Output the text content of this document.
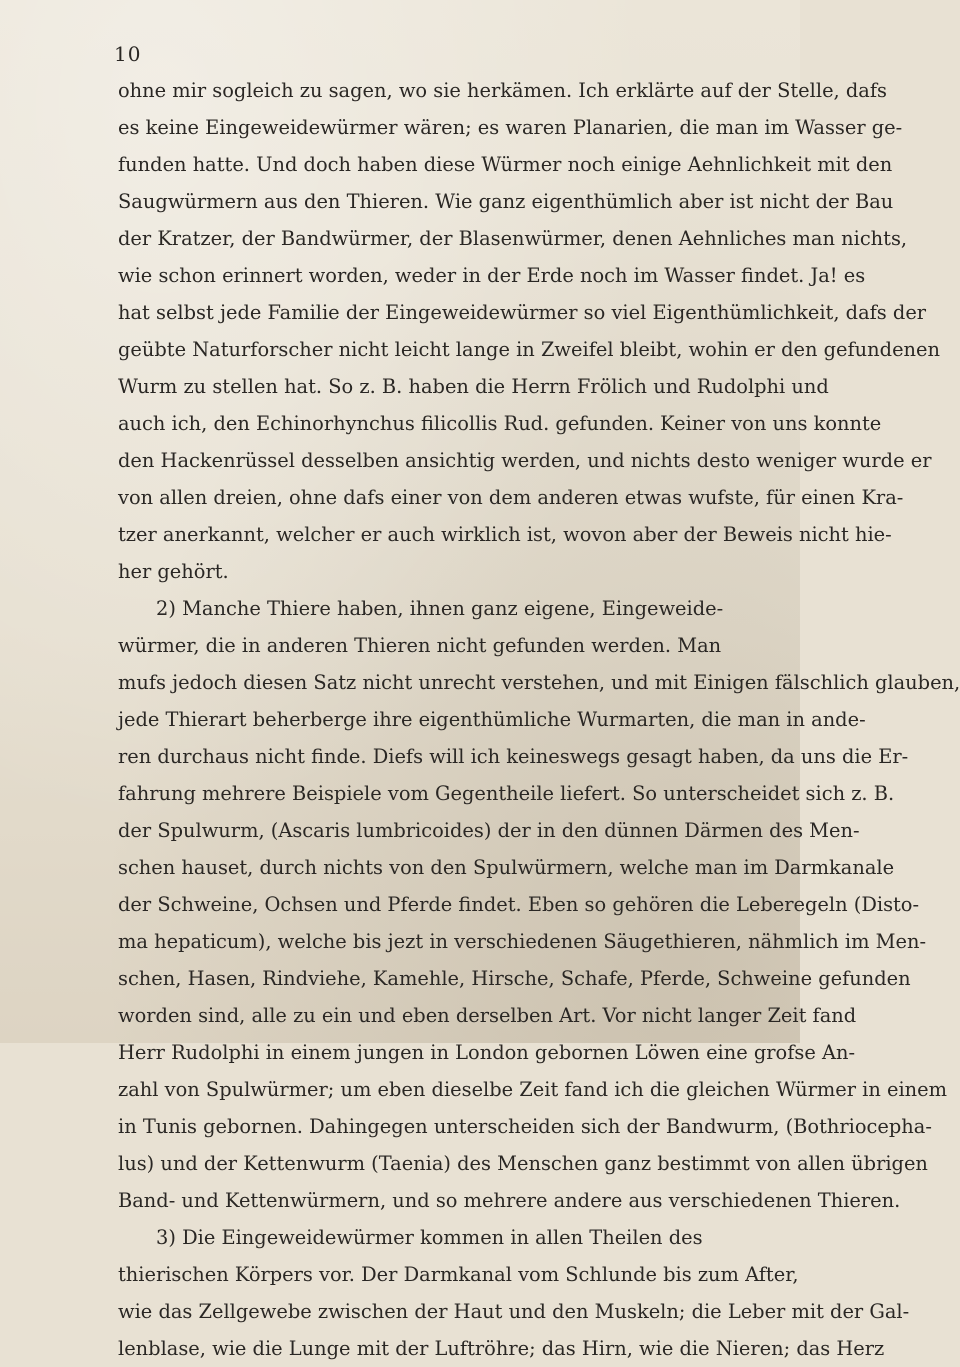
10
ohne mir sogleich zu sagen, wo sie herkämen. Ich erklärte auf der Stelle, dafs
es keine Eingeweidewürmer wären; es waren Planarien, die man im Wasser ge-
funden hatte. Und doch haben diese Würmer noch einige Aehnlichkeit mit den
Saugwürmern aus den Thieren. Wie ganz eigenthümlich aber ist nicht der Bau
der Kratzer, der Bandwürmer, der Blasenwürmer, denen Aehnliches man nichts,
wie schon erinnert worden, weder in der Erde noch im Wasser findet. Ja! es
hat selbst jede Familie der Eingeweidewürmer so viel Eigenthümlichkeit, dafs der
geübte Naturforscher nicht leicht lange in Zweifel bleibt, wohin er den gefundenen
Wurm zu stellen hat. So z. B. haben die Herrn Frölich und Rudolphi und
auch ich, den Echinorhynchus filicollis Rud. gefunden. Keiner von uns konnte
den Hackenrüssel desselben ansichtig werden, und nichts desto weniger wurde er
von allen dreien, ohne dafs einer von dem anderen etwas wufste, für einen Kra-
tzer anerkannt, welcher er auch wirklich ist, wovon aber der Beweis nicht hie-
her gehört.
2) Manche Thiere haben, ihnen ganz eigene, Eingeweide-
würmer, die in anderen Thieren nicht gefunden werden. Man
mufs jedoch diesen Satz nicht unrecht verstehen, und mit Einigen fälschlich glauben,
jede Thierart beherberge ihre eigenthümliche Wurmarten, die man in ande-
ren durchaus nicht finde. Diefs will ich keineswegs gesagt haben, da uns die Er-
fahrung mehrere Beispiele vom Gegentheile liefert. So unterscheidet sich z. B.
der Spulwurm, (Ascaris lumbricoides) der in den dünnen Därmen des Men-
schen hauset, durch nichts von den Spulwürmern, welche man im Darmkanale
der Schweine, Ochsen und Pferde findet. Eben so gehören die Leberegeln (Disto-
ma hepaticum), welche bis jezt in verschiedenen Säugethieren, nähmlich im Men-
schen, Hasen, Rindviehe, Kamehle, Hirsche, Schafe, Pferde, Schweine gefunden
worden sind, alle zu ein und eben derselben Art. Vor nicht langer Zeit fand
Herr Rudolphi in einem jungen in London gebornen Löwen eine grofse An-
zahl von Spulwürmer; um eben dieselbe Zeit fand ich die gleichen Würmer in einem
in Tunis gebornen. Dahingegen unterscheiden sich der Bandwurm, (Bothriocepha-
lus) und der Kettenwurm (Taenia) des Menschen ganz bestimmt von allen übrigen
Band- und Kettenwürmern, und so mehrere andere aus verschiedenen Thieren.
3) Die Eingeweidewürmer kommen in allen Theilen des
thierischen Körpers vor. Der Darmkanal vom Schlunde bis zum After,
wie das Zellgewebe zwischen der Haut und den Muskeln; die Leber mit der Gal-
lenblase, wie die Lunge mit der Luftröhre; das Hirn, wie die Nieren; das Herz
